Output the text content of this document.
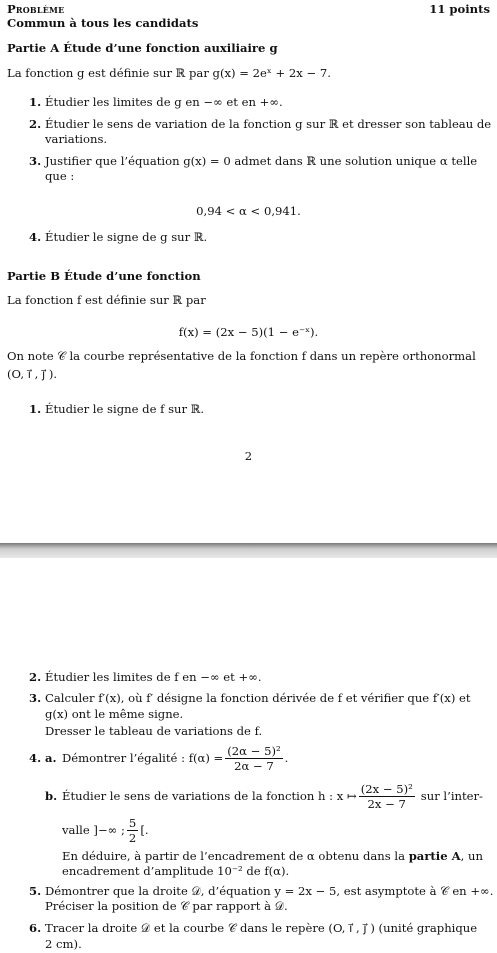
Problème	11 points
Commun à tous les candidats
Partie A Étude d’une fonction auxiliaire g
La fonction g est définie sur ℝ par g(x) = 2eˣ + 2x − 7.
1. Étudier les limites de g en −∞ et en +∞.
2. Étudier le sens de variation de la fonction g sur ℝ et dresser son tableau de
variations.
3. Justifier que l’équation g(x) = 0 admet dans ℝ une solution unique α telle
que :
0,94 < α < 0,941.
4. Étudier le signe de g sur ℝ.
Partie B Étude d’une fonction
La fonction f est définie sur ℝ par
f(x) = (2x − 5)(1 − e⁻ˣ).
On note 𝒞 la courbe représentative de la fonction f dans un repère orthonormal
(O, ı⃗ , ȷ⃗ ).
1. Étudier le signe de f sur ℝ.
2
2. Étudier les limites de f en −∞ et +∞.
3. Calculer f′(x), où f′ désigne la fonction dérivée de f et vérifier que f′(x) et
g(x) ont le même signe.
Dresser le tableau de variations de f.
4. a. Démontrer l’égalité : $f(\alpha) = \frac{\text{(2α − 5)²}}{2\alpha - 7}$ .
b. Étudier le sens de variations de la fonction h : x ↦ $\frac{\text{(2x − 5)²}}{2x - 7}$ sur l’inter-
valle ]−∞ ; $\frac{5}{2}$ [.
En déduire, à partir de l’encadrement de α obtenu dans la partie A, un
encadrement d’amplitude 10⁻² de f(α).
5. Démontrer que la droite 𝒟, d’équation y = 2x − 5, est asymptote à 𝒞 en +∞.
Préciser la position de 𝒞 par rapport à 𝒟.
6. Tracer la droite 𝒟 et la courbe 𝒞 dans le repère (O, ı⃗ , ȷ⃗ ) (unité graphique
2 cm).
